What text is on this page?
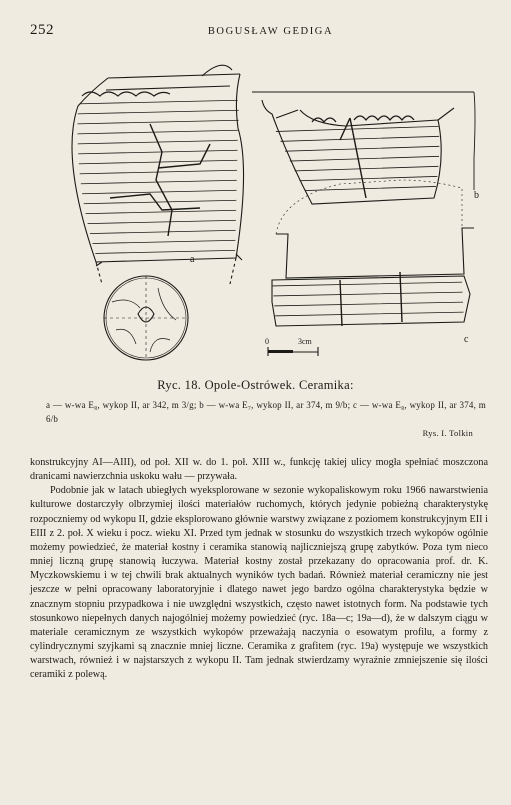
252	BOGUSŁAW GEDIGA
a
b
c
0	3cm
Ryc. 18. Opole-Ostrówek. Ceramika:
a — w-wa E₈, wykop II, ar 342, m 3/g; b — w-wa E₇, wykop II, ar 374, m 9/b; c — w-wa E₈, wykop II, ar 374, m 6/b
Rys. I. Tolkin

konstrukcyjny AI—AIII), od poł. XII w. do 1. poł. XIII w., funkcję takiej ulicy mogła spełniać moszczona dranicami nawierzchnia uskoku wału — przywała.

Podobnie jak w latach ubiegłych wyeksplorowane w sezonie wykopaliskowym roku 1966 nawarstwienia kulturowe dostarczyły olbrzymiej ilości materiałów ruchomych, których jedynie pobieżną charakterystykę rozpoczniemy od wykopu II, gdzie eksplorowano głównie warstwy związane z poziomem konstrukcyjnym EII i EIII z 2. poł. X wieku i pocz. wieku XI. Przed tym jednak w stosunku do wszystkich trzech wykopów ogólnie możemy powiedzieć, że materiał kostny i ceramika stanowią najliczniejszą grupę zabytków. Poza tym nieco mniej liczną grupę stanowią łuczywa. Materiał kostny został przekazany do opracowania prof. dr. K. Myczkowskiemu i w tej chwili brak aktualnych wyników tych badań. Również materiał ceramiczny nie jest jeszcze w pełni opracowany laboratoryjnie i dlatego nawet jego bardzo ogólna charakterystyka będzie w znacznym stopniu przypadkowa i nie uwzględni wszystkich, często nawet istotnych form. Na podstawie tych stosunkowo niepełnych danych najogólniej możemy powiedzieć (ryc. 18a—c; 19a—d), że w dalszym ciągu w materiale ceramicznym ze wszystkich wykopów przeważają naczynia o esowatym profilu, a formy z cylindrycznymi szyjkami są znacznie mniej liczne. Ceramika z grafitem (ryc. 19a) występuje we wszystkich warstwach, również i w najstarszych z wykopu II. Tam jednak stwierdzamy wyraźnie zmniejszenie się ilości ceramiki z polewą.
